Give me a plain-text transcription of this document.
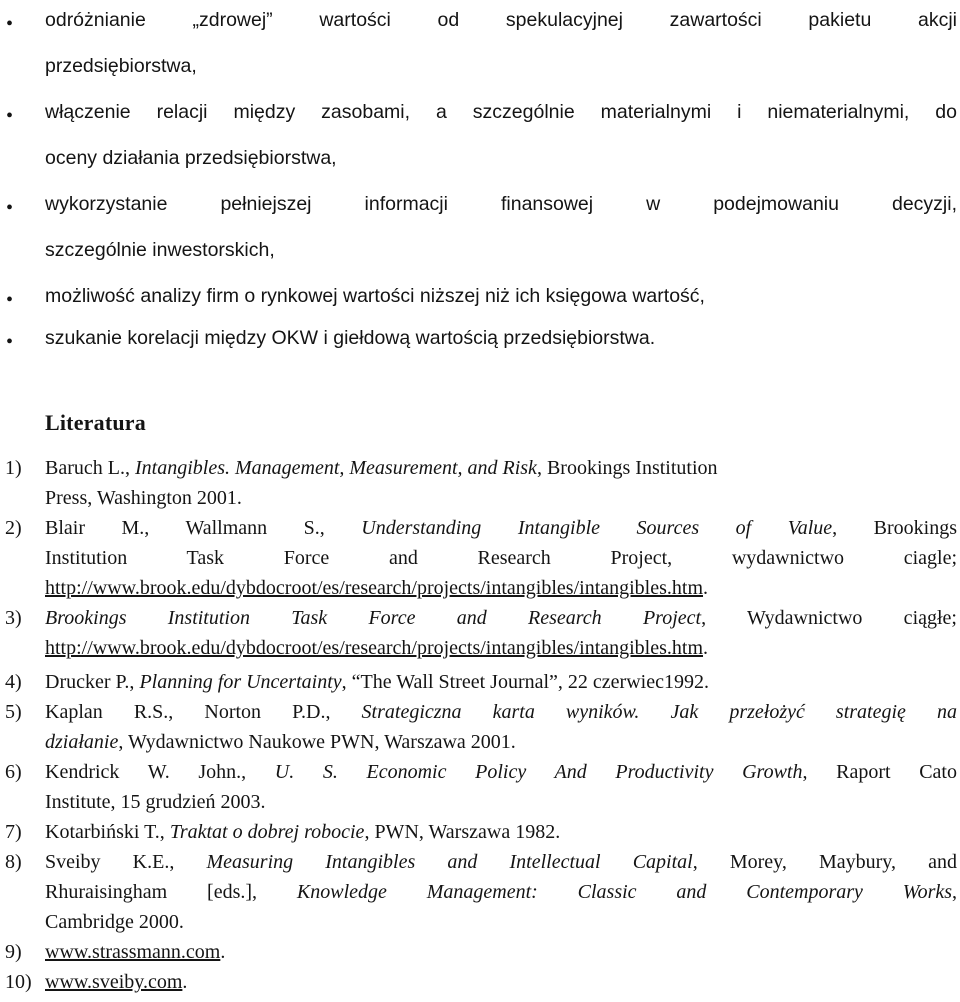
• odróżnianie „zdrowej” wartości od spekulacyjnej zawartości pakietu akcji
przedsiębiorstwa,
• włączenie relacji między zasobami, a szczególnie materialnymi i niematerialnymi, do
oceny działania przedsiębiorstwa,
• wykorzystanie pełniejszej informacji finansowej w podejmowaniu decyzji,
szczególnie inwestorskich,
• możliwość analizy firm o rynkowej wartości niższej niż ich księgowa wartość,
• szukanie korelacji między OKW i giełdową wartością przedsiębiorstwa.
Literatura
1) Baruch L., Intangibles. Management, Measurement, and Risk, Brookings Institution
Press, Washington 2001.
2) Blair M., Wallmann S., Understanding Intangible Sources of Value, Brookings
Institution Task Force and Research Project, wydawnictwo ciagle;
http://www.brook.edu/dybdocroot/es/research/projects/intangibles/intangibles.htm.
3) Brookings Institution Task Force and Research Project, Wydawnictwo ciągłe;
http://www.brook.edu/dybdocroot/es/research/projects/intangibles/intangibles.htm.
4) Drucker P., Planning for Uncertainty, “The Wall Street Journal”, 22 czerwiec1992.
5) Kaplan R.S., Norton P.D., Strategiczna karta wyników. Jak przełożyć strategię na
działanie, Wydawnictwo Naukowe PWN, Warszawa 2001.
6) Kendrick W. John., U. S. Economic Policy And Productivity Growth, Raport Cato
Institute, 15 grudzień 2003.
7) Kotarbiński T., Traktat o dobrej robocie, PWN, Warszawa 1982.
8) Sveiby K.E., Measuring Intangibles and Intellectual Capital, Morey, Maybury, and
Rhuraisingham [eds.], Knowledge Management: Classic and Contemporary Works,
Cambridge 2000.
9) www.strassmann.com.
10) www.sveiby.com.
